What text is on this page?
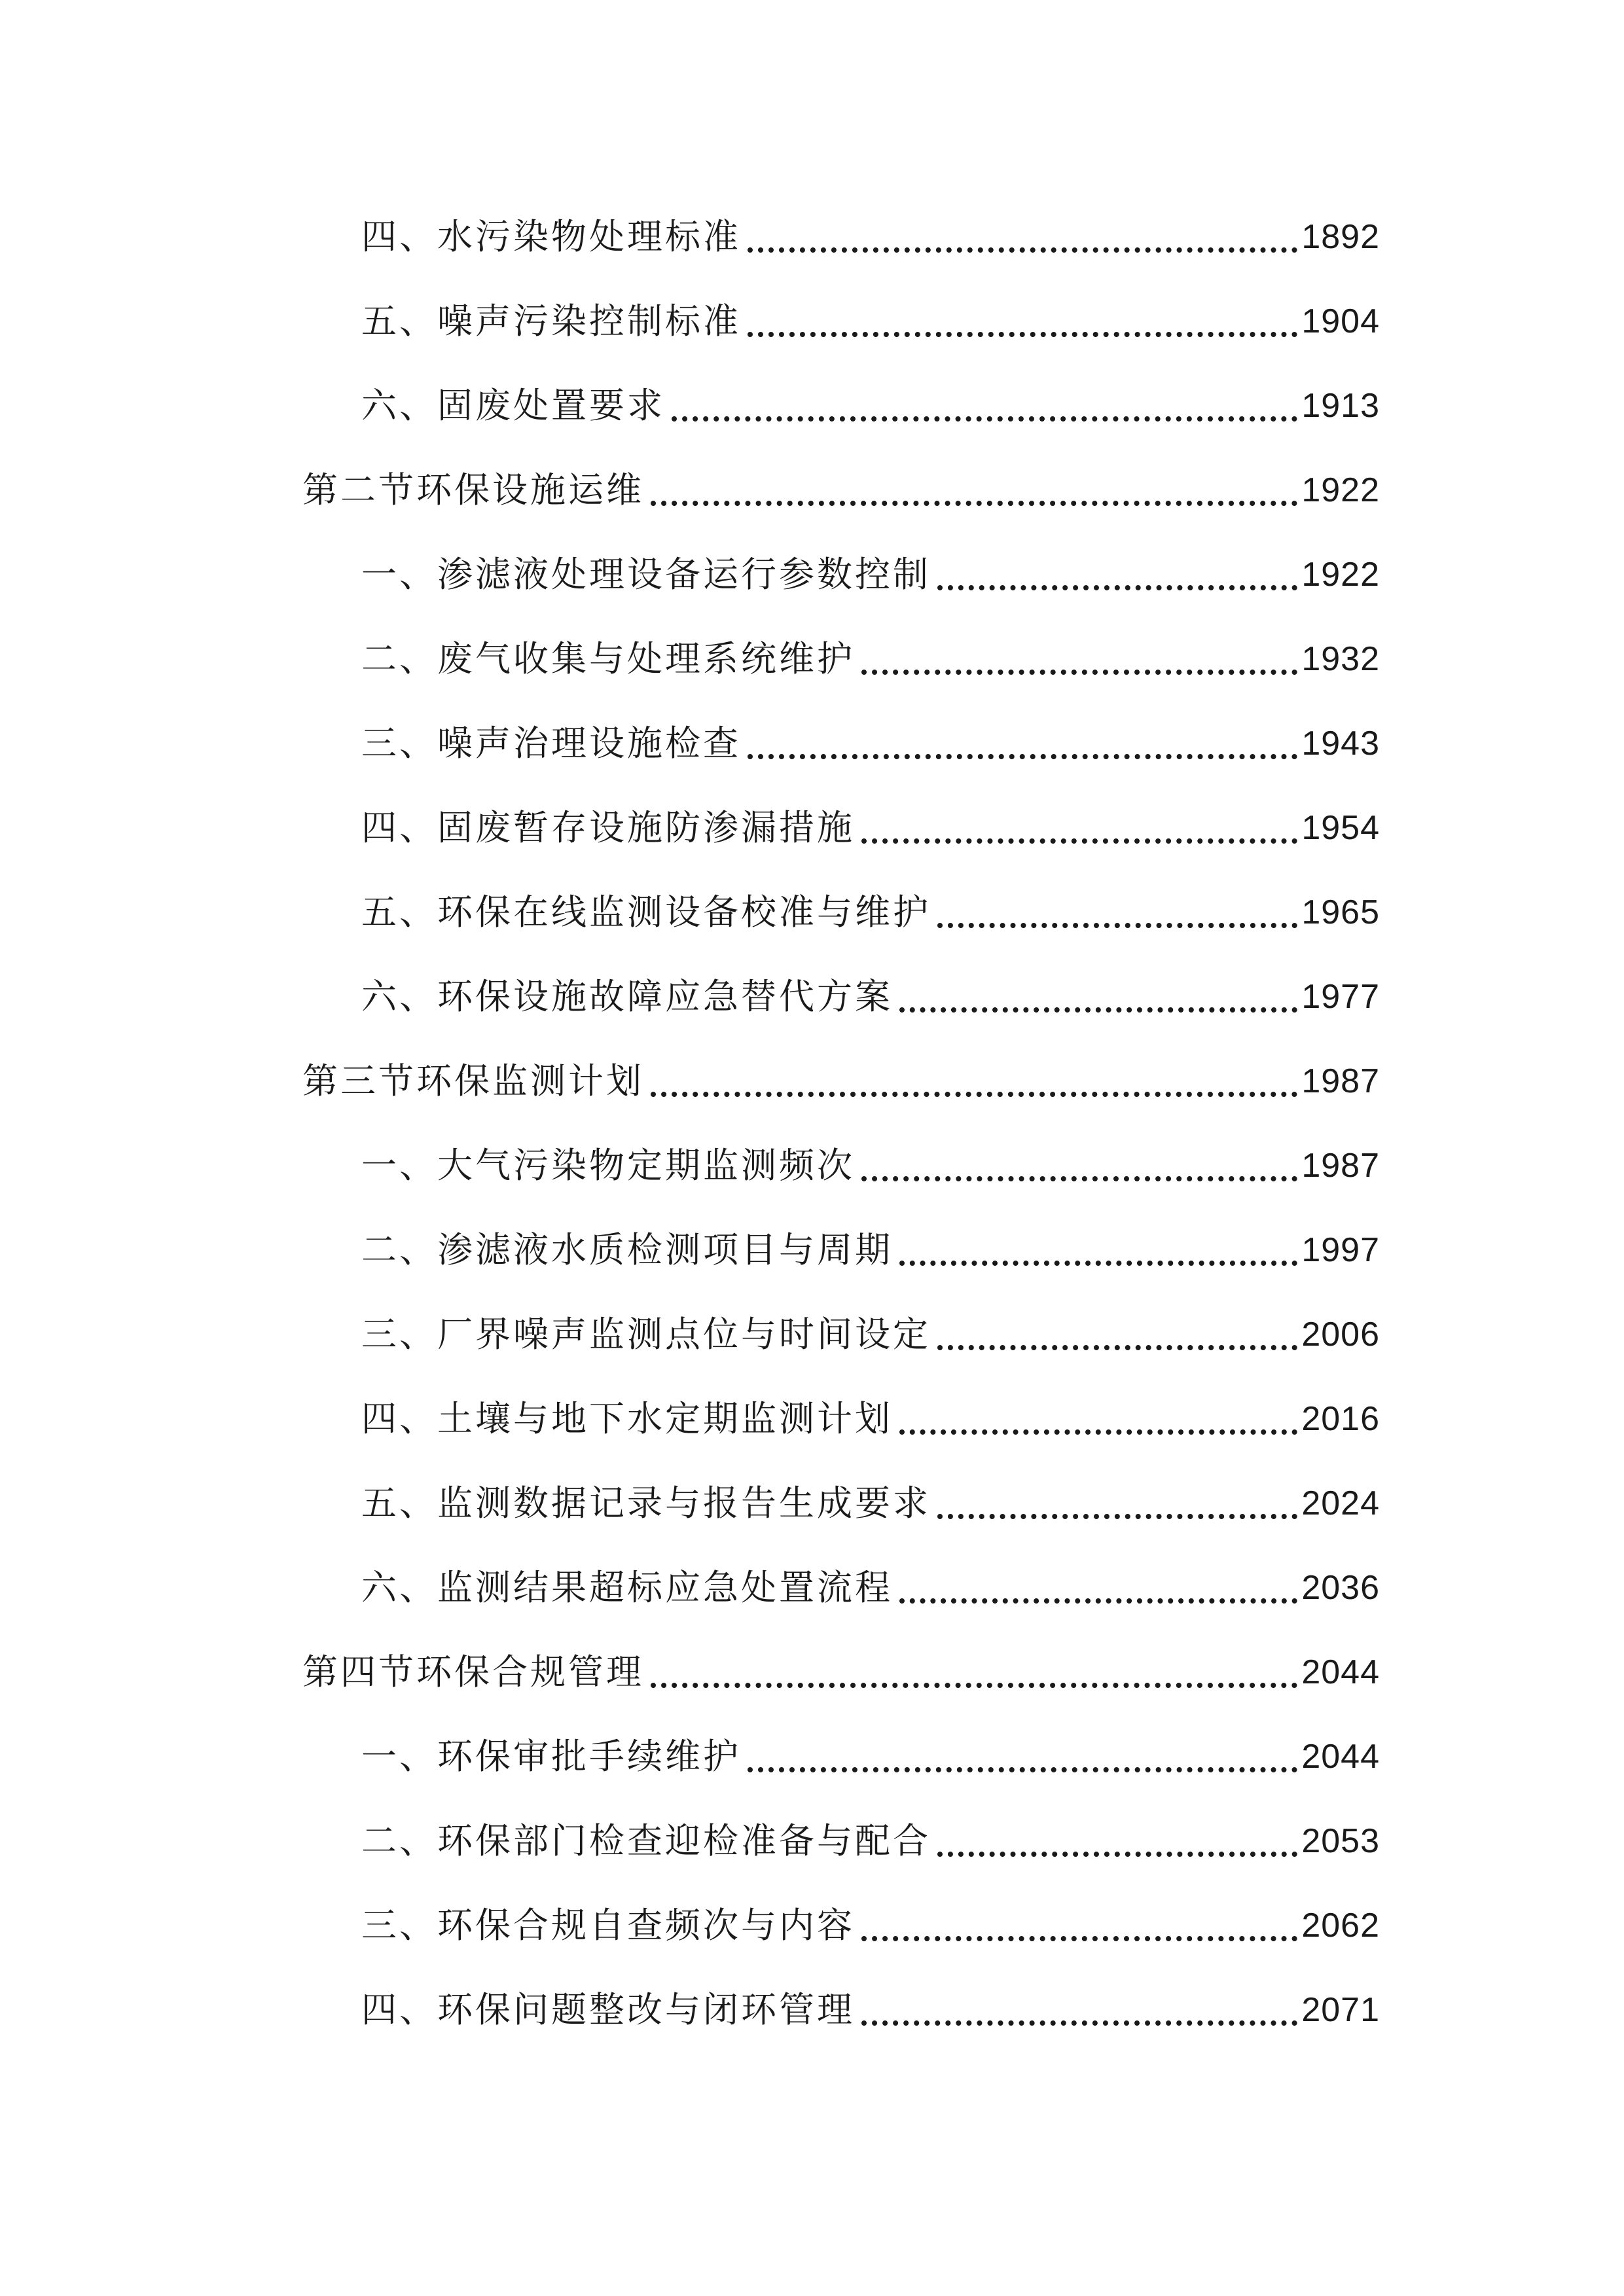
四、水污染物处理标准	1892
五、噪声污染控制标准	1904
六、固废处置要求	1913
第二节环保设施运维	1922
一、渗滤液处理设备运行参数控制	1922
二、废气收集与处理系统维护	1932
三、噪声治理设施检查	1943
四、固废暂存设施防渗漏措施	1954
五、环保在线监测设备校准与维护	1965
六、环保设施故障应急替代方案	1977
第三节环保监测计划	1987
一、大气污染物定期监测频次	1987
二、渗滤液水质检测项目与周期	1997
三、厂界噪声监测点位与时间设定	2006
四、土壤与地下水定期监测计划	2016
五、监测数据记录与报告生成要求	2024
六、监测结果超标应急处置流程	2036
第四节环保合规管理	2044
一、环保审批手续维护	2044
二、环保部门检查迎检准备与配合	2053
三、环保合规自查频次与内容	2062
四、环保问题整改与闭环管理	2071
